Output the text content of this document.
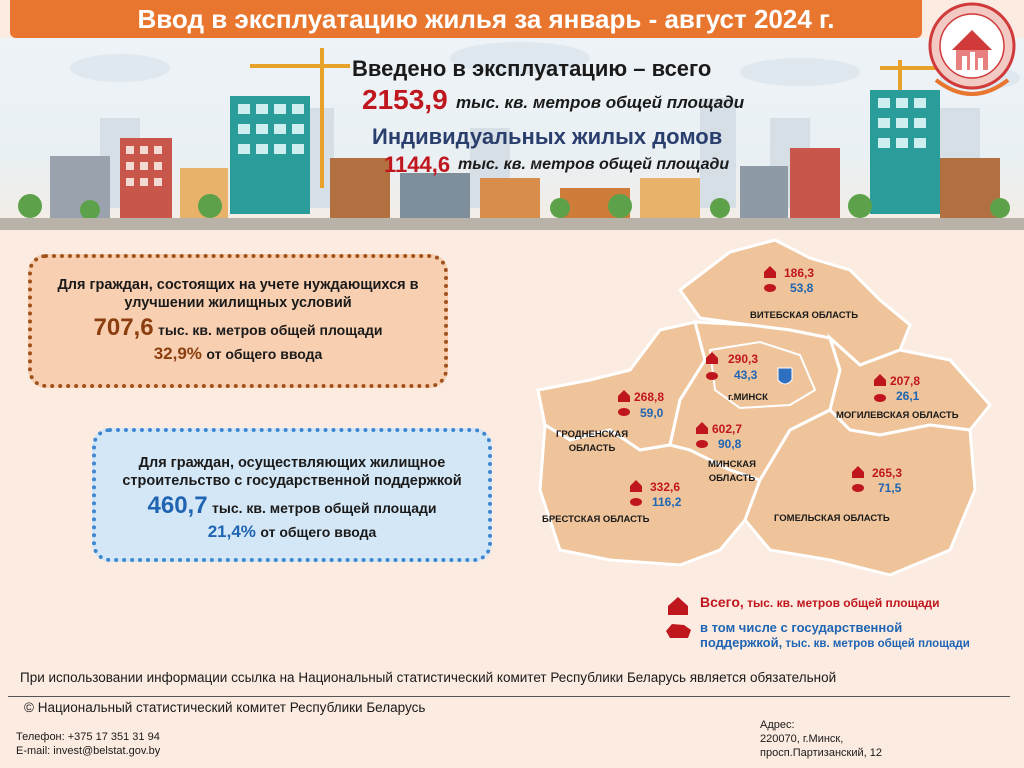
Ввод в эксплуатацию жилья за январь - август 2024 г.
Введено в эксплуатацию – всего
2153,9 тыс. кв. метров общей площади
Индивидуальных жилых домов
1144,6 тыс. кв. метров общей площади
Для граждан, состоящих на учете нуждающихся в улучшении жилищных условий
707,6 тыс. кв. метров общей площади
32,9% от общего ввода
Для граждан, осуществляющих жилищное строительство с государственной поддержкой
460,7 тыс. кв. метров общей площади
21,4% от общего ввода
186,3
53,8
ВИТЕБСКАЯ ОБЛАСТЬ
290,3
43,3
г.МИНСК
207,8
26,1
МОГИЛЕВСКАЯ ОБЛАСТЬ
268,8
59,0
ГРОДНЕНСКАЯ
ОБЛАСТЬ
602,7
90,8
МИНСКАЯ
ОБЛАСТЬ
332,6
116,2
БРЕСТСКАЯ ОБЛАСТЬ
265,3
71,5
ГОМЕЛЬСКАЯ ОБЛАСТЬ
Всего, тыс. кв. метров общей площади
в том числе с государственной поддержкой, тыс. кв. метров общей площади
При использовании информации ссылка на Национальный статистический комитет Республики Беларусь является обязательной
© Национальный статистический комитет Республики Беларусь
Телефон: +375 17 351 31 94
E-mail: invest@belstat.gov.by
Адрес:
220070, г.Минск,
просп.Партизанский, 12
